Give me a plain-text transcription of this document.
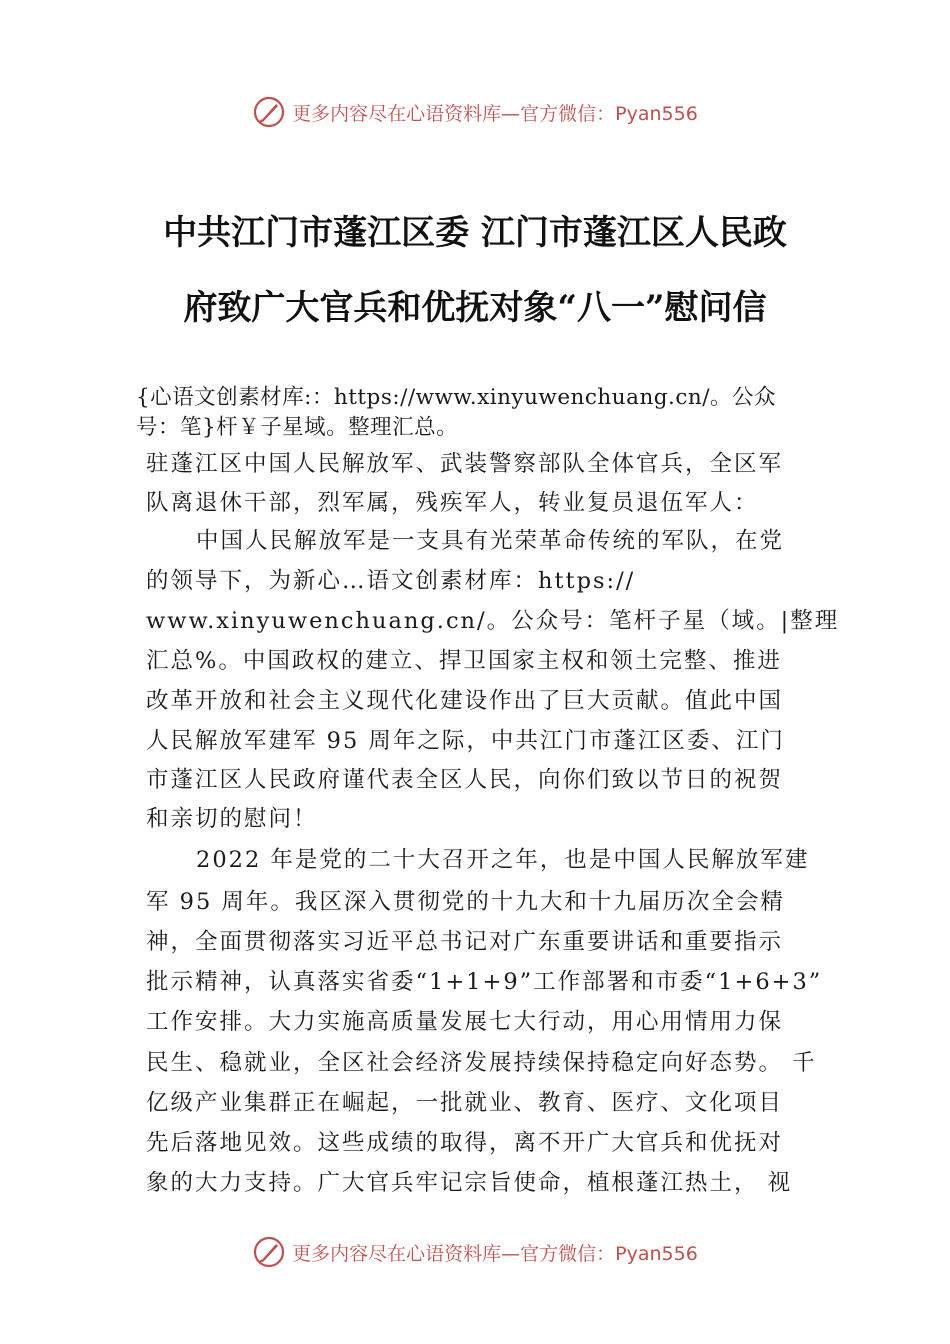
更多内容尽在心语资料库—官方微信：Pyan556
中共江门市蓬江区委 江门市蓬江区人民政
府致广大官兵和优抚对象“八一”慰问信
{心语文创素材库:：https://www.xinyuwenchuang.cn/。公众
号：笔}杆￥子星域。整理汇总。
驻蓬江区中国人民解放军、武装警察部队全体官兵，全区军
队离退休干部，烈军属，残疾军人，转业复员退伍军人：
中国人民解放军是一支具有光荣革命传统的军队，在党
的领导下，为新心…语文创素材库：https://
www.xinyuwenchuang.cn/。公众号：笔杆子星（域。|整理
汇总%。中国政权的建立、捍卫国家主权和领土完整、推进
改革开放和社会主义现代化建设作出了巨大贡献。值此中国
人民解放军建军 95 周年之际，中共江门市蓬江区委、江门
市蓬江区人民政府谨代表全区人民，向你们致以节日的祝贺
和亲切的慰问！
2022 年是党的二十大召开之年，也是中国人民解放军建
军 95 周年。我区深入贯彻党的十九大和十九届历次全会精
神，全面贯彻落实习近平总书记对广东重要讲话和重要指示
批示精神，认真落实省委“1+1+9”工作部署和市委“1+6+3”
工作安排。大力实施高质量发展七大行动，用心用情用力保
民生、稳就业，全区社会经济发展持续保持稳定向好态势。 千
亿级产业集群正在崛起，一批就业、教育、医疗、文化项目
先后落地见效。这些成绩的取得，离不开广大官兵和优抚对
象的大力支持。广大官兵牢记宗旨使命，植根蓬江热土， 视
更多内容尽在心语资料库—官方微信：Pyan556
